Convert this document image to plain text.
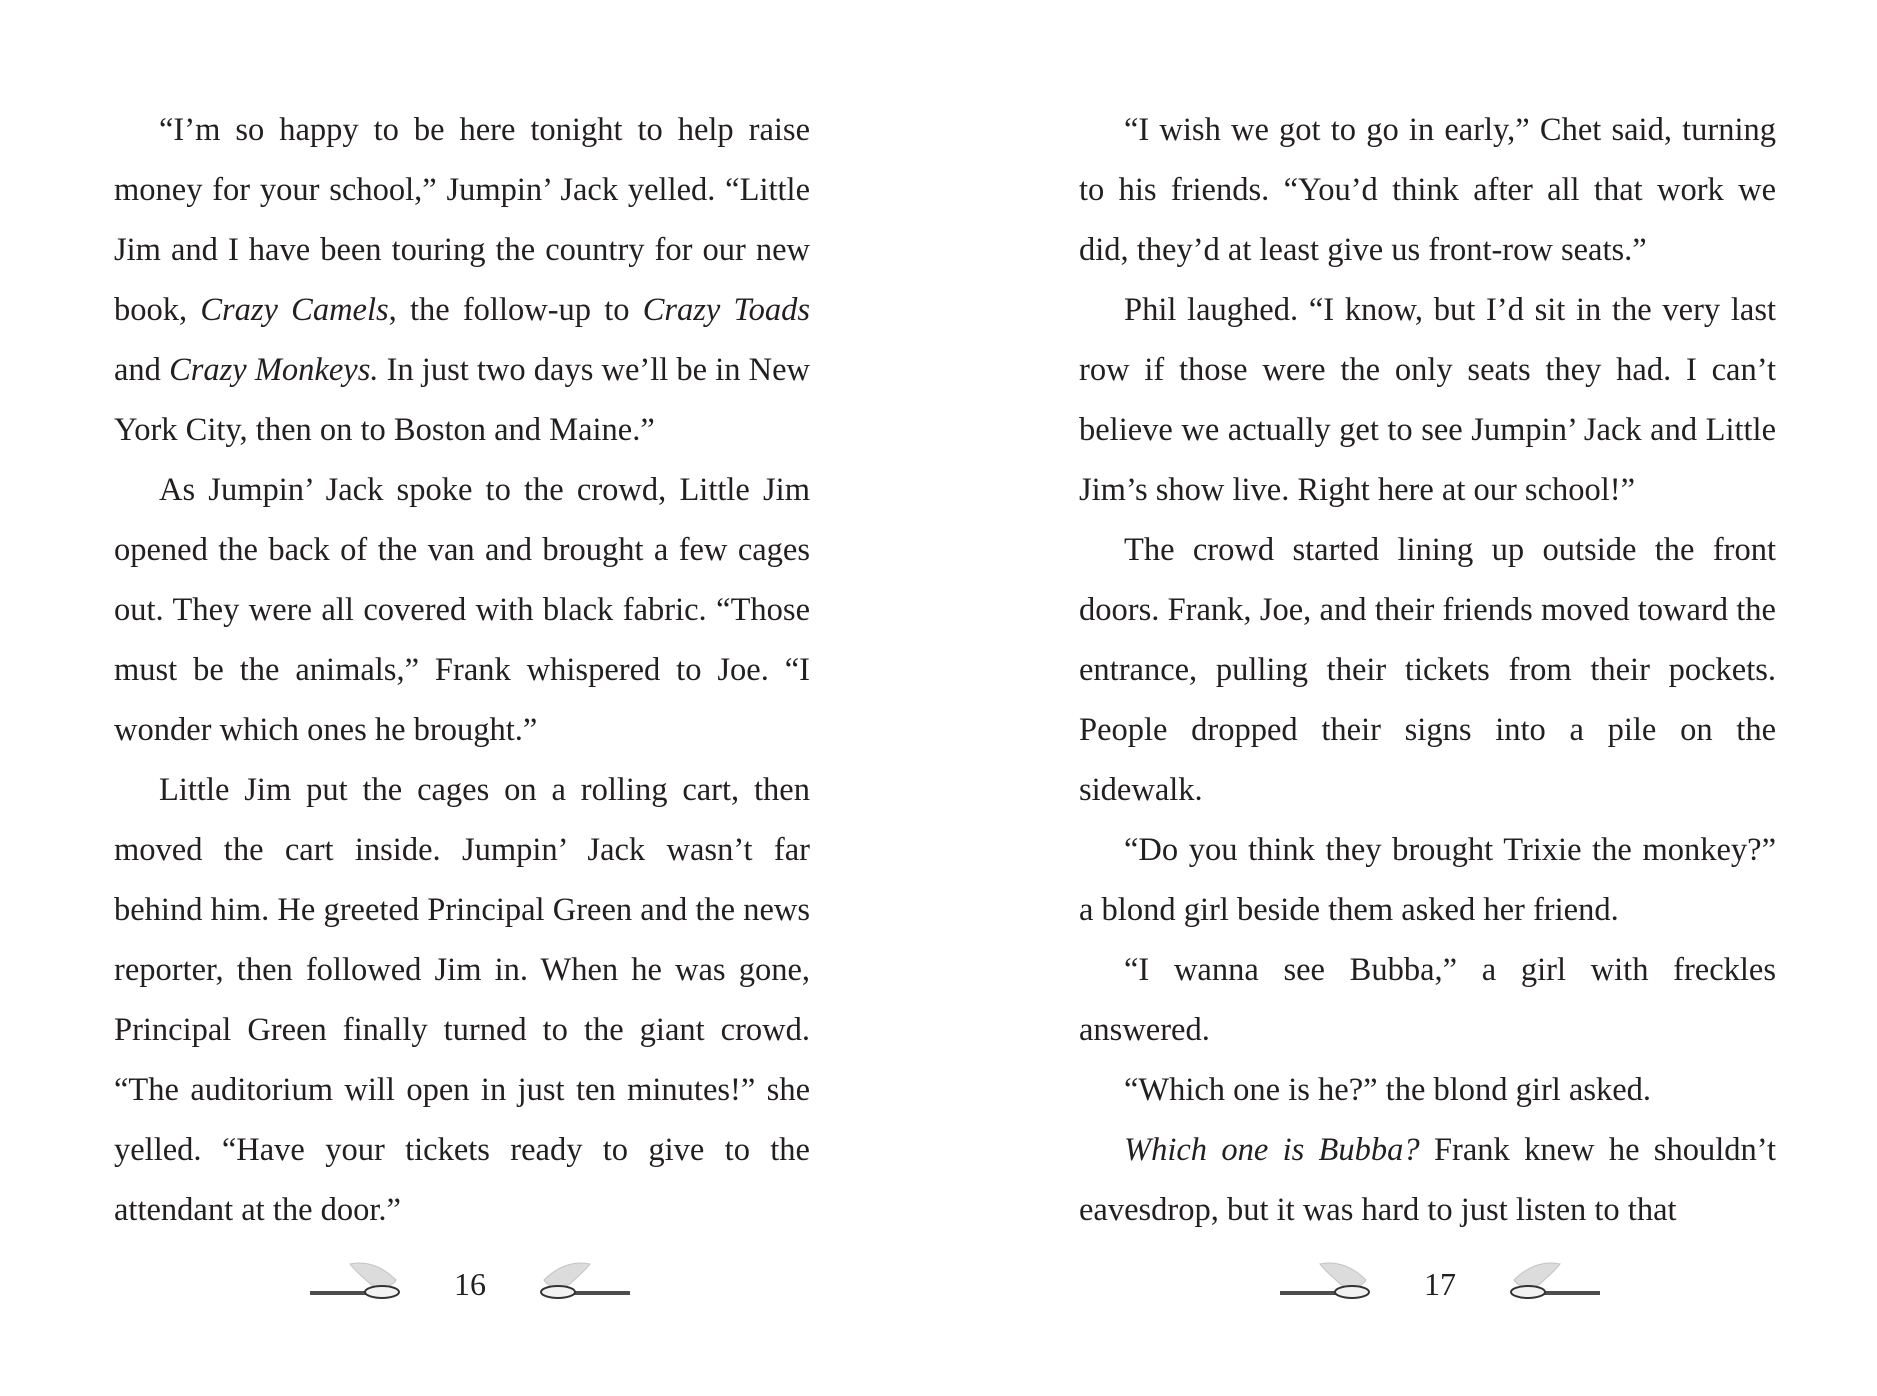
“I’m so happy to be here tonight to help raise money for your school,” Jumpin’ Jack yelled. “Little Jim and I have been touring the country for our new book, Crazy Camels, the follow-up to Crazy Toads and Crazy Monkeys. In just two days we’ll be in New York City, then on to Boston and Maine.”

As Jumpin’ Jack spoke to the crowd, Little Jim opened the back of the van and brought a few cages out. They were all covered with black fabric. “Those must be the animals,” Frank whispered to Joe. “I wonder which ones he brought.”

Little Jim put the cages on a rolling cart, then moved the cart inside. Jumpin’ Jack wasn’t far behind him. He greeted Principal Green and the news reporter, then followed Jim in. When he was gone, Principal Green finally turned to the giant crowd. “The auditorium will open in just ten minutes!” she yelled. “Have your tickets ready to give to the attendant at the door.”

16

“I wish we got to go in early,” Chet said, turning to his friends. “You’d think after all that work we did, they’d at least give us front-row seats.”

Phil laughed. “I know, but I’d sit in the very last row if those were the only seats they had. I can’t believe we actually get to see Jumpin’ Jack and Little Jim’s show live. Right here at our school!”

The crowd started lining up outside the front doors. Frank, Joe, and their friends moved toward the entrance, pulling their tickets from their pockets. People dropped their signs into a pile on the sidewalk.

“Do you think they brought Trixie the monkey?” a blond girl beside them asked her friend.

“I wanna see Bubba,” a girl with freckles answered.

“Which one is he?” the blond girl asked.

Which one is Bubba? Frank knew he shouldn’t eavesdrop, but it was hard to just listen to that

17
